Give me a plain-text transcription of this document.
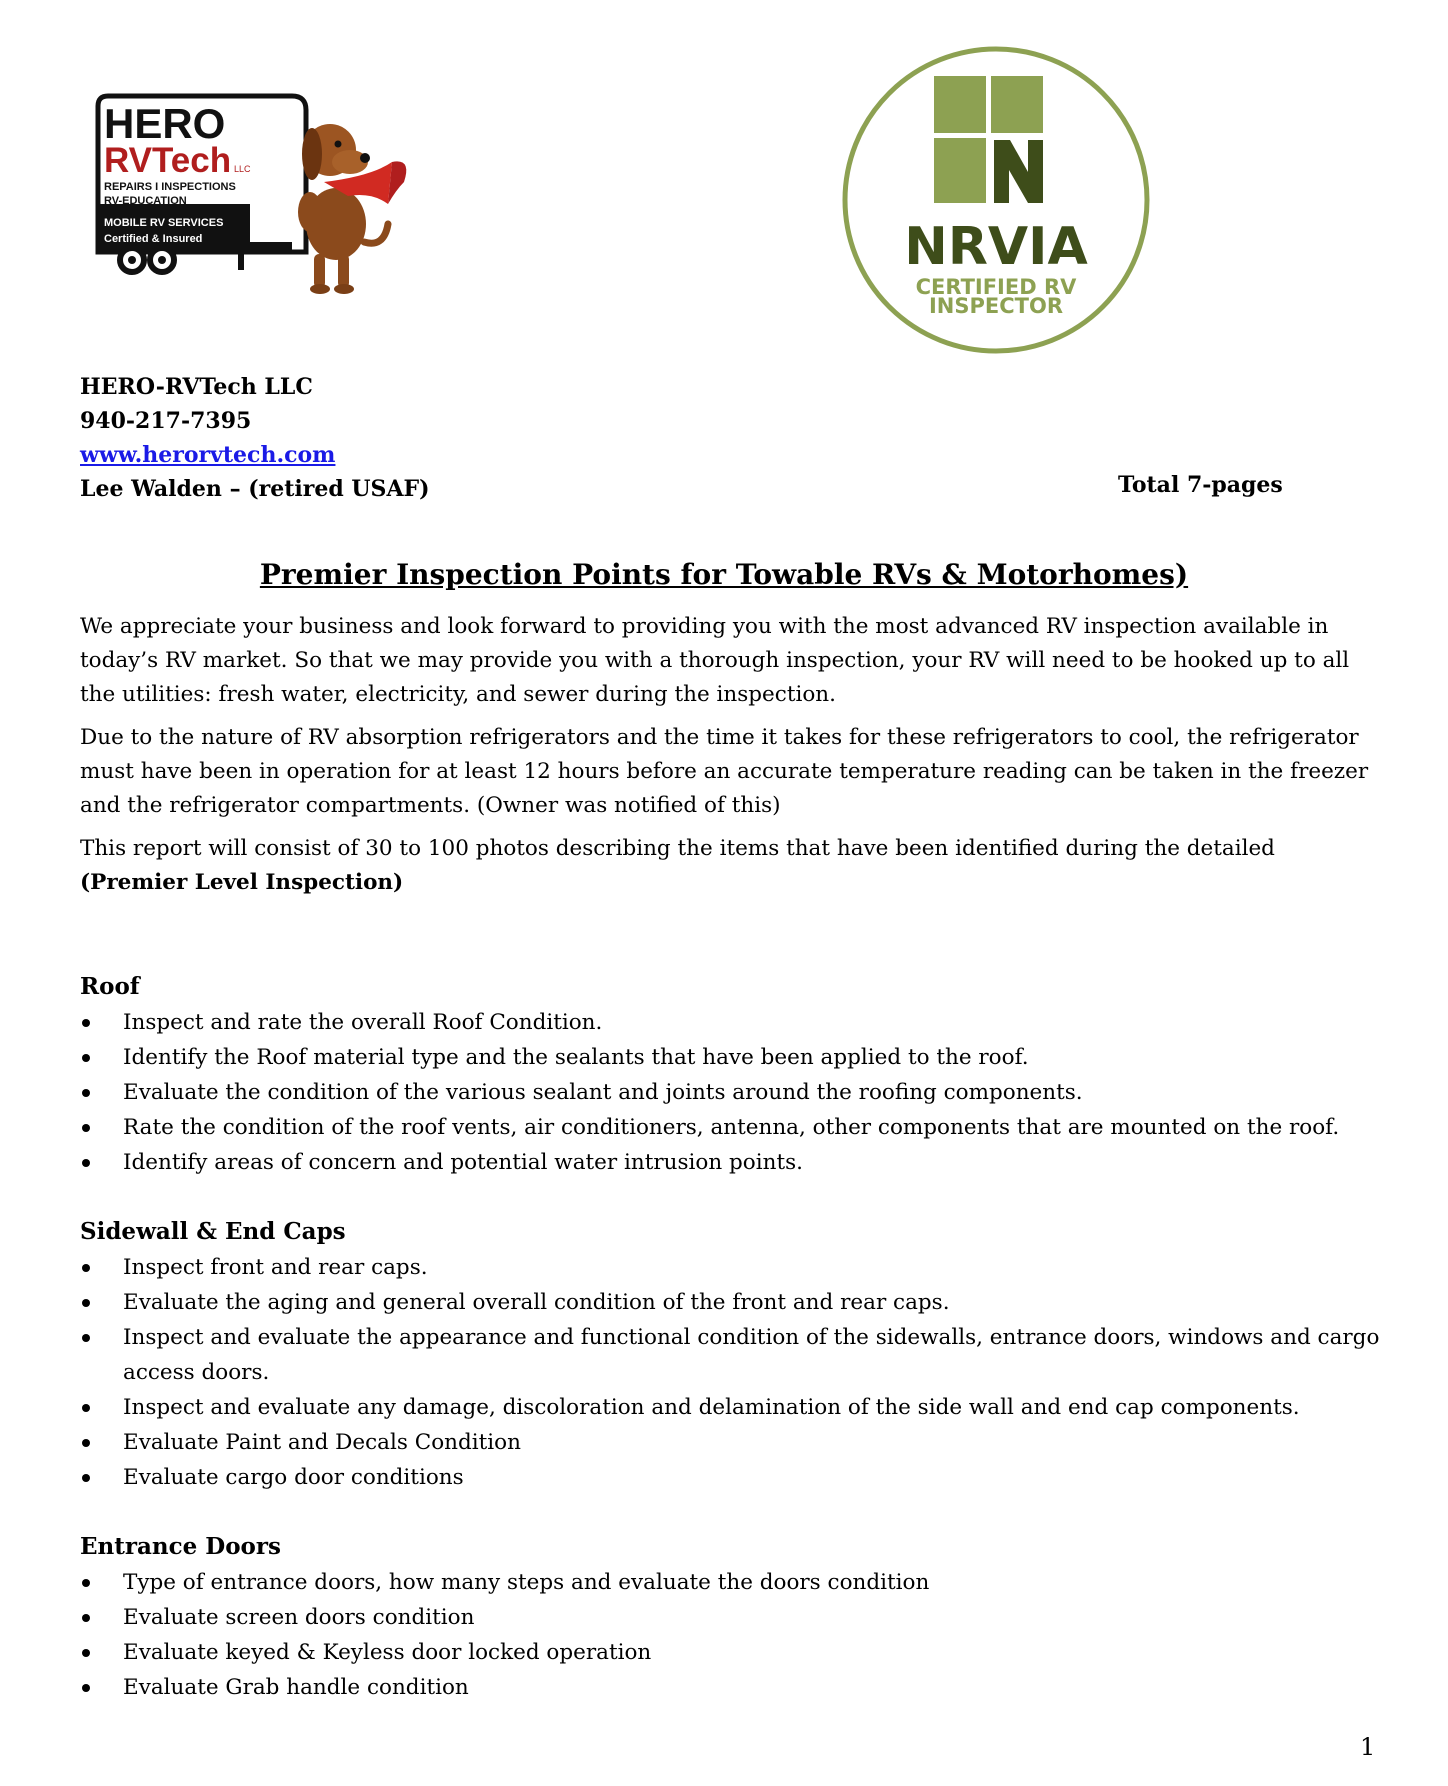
HERO
RVTech LLC
REPAIRS I INSPECTIONS
RV-EDUCATION
MOBILE RV SERVICES
Certified & Insured	NRVIA
CERTIFIED RV
INSPECTOR
HERO-RVTech LLC
940-217-7395
www.herorvtech.com
Lee Walden – (retired USAF)	Total 7-pages
Premier Inspection Points for Towable RVs & Motorhomes)

We appreciate your business and look forward to providing you with the most advanced RV inspection available in today’s RV market. So that we may provide you with a thorough inspection, your RV will need to be hooked up to all the utilities: fresh water, electricity, and sewer during the inspection.

Due to the nature of RV absorption refrigerators and the time it takes for these refrigerators to cool, the refrigerator must have been in operation for at least 12 hours before an accurate temperature reading can be taken in the freezer and the refrigerator compartments. (Owner was notified of this)

This report will consist of 30 to 100 photos describing the items that have been identified during the detailed (Premier Level Inspection)

Roof
Inspect and rate the overall Roof Condition.
Identify the Roof material type and the sealants that have been applied to the roof.
Evaluate the condition of the various sealant and joints around the roofing components.
Rate the condition of the roof vents, air conditioners, antenna, other components that are mounted on the roof.
Identify areas of concern and potential water intrusion points.
Sidewall & End Caps
Inspect front and rear caps.
Evaluate the aging and general overall condition of the front and rear caps.
Inspect and evaluate the appearance and functional condition of the sidewalls, entrance doors, windows and cargo access doors.
Inspect and evaluate any damage, discoloration and delamination of the side wall and end cap components.
Evaluate Paint and Decals Condition
Evaluate cargo door conditions
Entrance Doors
Type of entrance doors, how many steps and evaluate the doors condition
Evaluate screen doors condition
Evaluate keyed & Keyless door locked operation
Evaluate Grab handle condition
1
